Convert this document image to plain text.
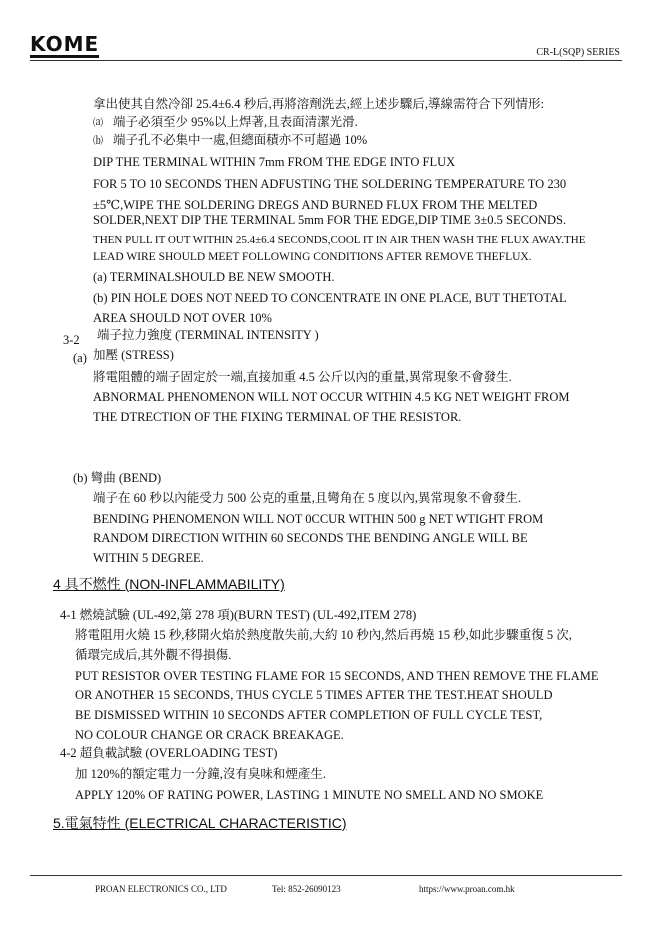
KOME	CR-L(SQP) SERIES
拿出使其自然冷卻 25.4±6.4 秒后,再將溶劑洗去,經上述步驟后,導線需符合下列情形:
⒜ 端子必須至少 95%以上焊著,且表面清潔光滑.
⒝ 端子孔不必集中一處,但總面積亦不可超過 10%
DIP THE TERMINAL WITHIN 7mm FROM THE EDGE INTO FLUX
FOR 5 TO 10 SECONDS THEN ADFUSTING THE SOLDERING TEMPERATURE TO 230
±5℃,WIPE THE SOLDERING DREGS AND BURNED FLUX FROM THE MELTED
SOLDER,NEXT DIP THE TERMINAL 5mm FOR THE EDGE,DIP TIME 3±0.5 SECONDS.
THEN PULL IT OUT WITHIN 25.4±6.4 SECONDS,COOL IT IN AIR THEN WASH THE FLUX AWAY.THE
LEAD WIRE SHOULD MEET FOLLOWING CONDITIONS AFTER REMOVE THEFLUX.
(a) TERMINALSHOULD BE NEW SMOOTH.
(b) PIN HOLE DOES NOT NEED TO CONCENTRATE IN ONE PLACE, BUT THETOTAL
AREA SHOULD NOT OVER 10%
3-2 端子拉力強度 (TERMINAL INTENSITY )
(a) 加壓 (STRESS)
將電阻體的端子固定於一端,直接加重 4.5 公斤以內的重量,異常現象不會發生.
ABNORMAL PHENOMENON WILL NOT OCCUR WITHIN 4.5 KG NET WEIGHT FROM
THE DTRECTION OF THE FIXING TERMINAL OF THE RESISTOR.
(b) 彎曲 (BEND)
端子在 60 秒以內能受力 500 公克的重量,且彎角在 5 度以內,異常現象不會發生.
BENDING PHENOMENON WILL NOT 0CCUR WITHIN 500 g NET WTIGHT FROM
RANDOM DIRECTION WITHIN 60 SECONDS THE BENDING ANGLE WILL BE
WITHIN 5 DEGREE.
4 具不燃性 (NON-INFLAMMABILITY)
4-1 燃燒試驗 (UL-492,第 278 項)(BURN TEST) (UL-492,ITEM 278)
將電阻用火燒 15 秒,移開火焰於熱度散失前,大約 10 秒內,然后再燒 15 秒,如此步驟重復 5 次,
循環完成后,其外觀不得損傷.
PUT RESISTOR OVER TESTING FLAME FOR 15 SECONDS, AND THEN REMOVE THE FLAME
OR ANOTHER 15 SECONDS, THUS CYCLE 5 TIMES AFTER THE TEST.HEAT SHOULD
BE DISMISSED WITHIN 10 SECONDS AFTER COMPLETION OF FULL CYCLE TEST,
NO COLOUR CHANGE OR CRACK BREAKAGE.
4-2 超負載試驗 (OVERLOADING TEST)
加 120%的額定電力一分鐘,沒有臭味和煙產生.
APPLY 120% OF RATING POWER, LASTING 1 MINUTE NO SMELL AND NO SMOKE
5.電氣特性 (ELECTRICAL CHARACTERISTIC)
PROAN ELECTRONICS CO., LTD	Tel: 852-26090123	https://www.proan.com.hk
